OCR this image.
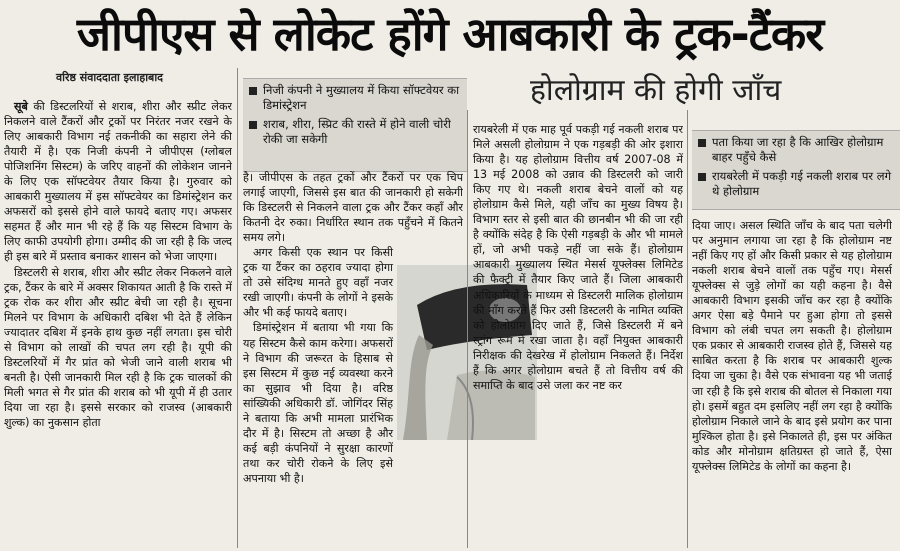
जीपीएस से लोकेट होंगे आबकारी के ट्रक-टैंकर
वरिष्ठ संवाददाता इलाहाबाद	होलोग्राम की होगी जाँच

सूबे की डिस्टलरियों से शराब, शीरा और स्प्रीट लेकर निकलने वाले टैंकरों और ट्रकों पर निरंतर नजर रखने के लिए आबकारी विभाग नई तकनीकी का सहारा लेने की तैयारी में है। एक निजी कंपनी ने जीपीएस (ग्लोबल पोजिशनिंग सिस्टम) के जरिए वाहनों की लोकेशन जानने के लिए एक सॉफ्टवेयर तैयार किया है। गुरुवार को आबकारी मुख्यालय में इस सॉफ्टवेयर का डिमांस्ट्रेशन कर अफसरों को इससे होने वाले फायदे बताए गए। अफसर सहमत हैं और मान भी रहे हैं कि यह सिस्टम विभाग के लिए काफी उपयोगी होगा। उम्मीद की जा रही है कि जल्द ही इस बारे में प्रस्ताव बनाकर शासन को भेजा जाएगा।

डिस्टलरी से शराब, शीरा और स्प्रीट लेकर निकलने वाले ट्रक, टैंकर के बारे में अक्सर शिकायत आती है कि रास्ते में ट्रक रोक कर शीरा और स्प्रीट बेची जा रही है। सूचना मिलने पर विभाग के अधिकारी दबिश भी देते हैं लेकिन ज्यादातर दबिश में इनके हाथ कुछ नहीं लगता। इस चोरी से विभाग को लाखों की चपत लग रही है। यूपी की डिस्टलरियों में गैर प्रांत को भेजी जाने वाली शराब भी बनती है। ऐसी जानकारी मिल रही है कि ट्रक चालकों की मिली भगत से गैर प्रांत की शराब को भी यूपी में ही उतार दिया जा रहा है। इससे सरकार को राजस्व (आबकारी शुल्क) का नुकसान होता

निजी कंपनी ने मुख्यालय में किया सॉफ्टवेयर का डिमांस्ट्रेशन
शराब, शीरा, स्प्रिट की रास्ते में होने वाली चोरी रोकी जा सकेगी

है। जीपीएस के तहत ट्रकों और टैंकरों पर एक चिप लगाई जाएगी, जिससे इस बात की जानकारी हो सकेगी कि डिस्टलरी से निकलने वाला ट्रक और टैंकर कहाँ और कितनी देर रुका। निर्धारित स्थान तक पहुँचने में कितने समय लगे।

अगर किसी एक स्थान पर किसी ट्रक या टैंकर का ठहराव ज्यादा होगा तो उसे संदिग्ध मानते हुए वहाँ नजर रखी जाएगी। कंपनी के लोगों ने इसके और भी कई फायदे बताए।

डिमांस्ट्रेशन में बताया भी गया कि यह सिस्टम कैसे काम करेगा। अफसरों ने विभाग की जरूरत के हिसाब से इस सिस्टम में कुछ नई व्यवस्था करने का सुझाव भी दिया है। वरिष्ठ सांख्यिकी अधिकारी डॉ. जोगिंदर सिंह ने बताया कि अभी मामला प्रारंभिक दौर में है। सिस्टम तो अच्छा है और कई बड़ी कंपनियों ने सुरक्षा कारणों तथा कर चोरी रोकने के लिए इसे अपनाया भी है।

रायबरेली में एक माह पूर्व पकड़ी गई नकली शराब पर मिले असली होलोग्राम ने एक गड़बड़ी की ओर इशारा किया है। यह होलोग्राम वित्तीय वर्ष 2007-08 में 13 मई 2008 को उन्नाव की डिस्टलरी को जारी किए गए थे। नकली शराब बेचने वालों को यह होलोग्राम कैसे मिले, यही जाँच का मुख्य विषय है। विभाग स्तर से इसी बात की छानबीन भी की जा रही है क्योंकि संदेह है कि ऐसी गड़बड़ी के और भी मामले हों, जो अभी पकड़े नहीं जा सके हैं। होलोग्राम आबकारी मुख्यालय स्थित मेसर्स यूफ्लेक्स लिमिटेड की फैक्ट्री में तैयार किए जाते हैं। जिला आबकारी अधिकारियों के माध्यम से डिस्टलरी मालिक होलोग्राम की माँग करते हैं फिर उसी डिस्टलरी के नामित व्यक्ति को होलोग्राम दिए जाते हैं, जिसे डिस्टलरी में बने स्ट्रांग रूम में रखा जाता है। वहाँ नियुक्त आबकारी निरीक्षक की देखरेख में होलोग्राम निकलते हैं। निर्देश हैं कि अगर होलोग्राम बचते हैं तो वित्तीय वर्ष की समाप्ति के बाद उसे जला कर नष्ट कर

पता किया जा रहा है कि आखिर होलोग्राम बाहर पहुँचे कैसे
रायबरेली में पकड़ी गई नकली शराब पर लगे थे होलोग्राम

दिया जाए। असल स्थिति जाँच के बाद पता चलेगी पर अनुमान लगाया जा रहा है कि होलोग्राम नष्ट नहीं किए गए हों और किसी प्रकार से यह होलोग्राम नकली शराब बेचने वालों तक पहुँच गए। मेसर्स यूफ्लेक्स से जुड़े लोगों का यही कहना है। वैसे आबकारी विभाग इसकी जाँच कर रहा है क्योंकि अगर ऐसा बड़े पैमाने पर हुआ होगा तो इससे विभाग को लंबी चपत लग सकती है। होलोग्राम एक प्रकार से आबकारी राजस्व होते हैं, जिससे यह साबित करता है कि शराब पर आबकारी शुल्क दिया जा चुका है। वैसे एक संभावना यह भी जताई जा रही है कि इसे शराब की बोतल से निकाला गया हो। इसमें बहुत दम इसलिए नहीं लग रहा है क्योंकि होलोग्राम निकाले जाने के बाद इसे प्रयोग कर पाना मुश्किल होता है। इसे निकालते ही, इस पर अंकित कोड और मोनोग्राम क्षतिग्रस्त हो जाते हैं, ऐसा यूफ्लेक्स लिमिटेड के लोगों का कहना है।
